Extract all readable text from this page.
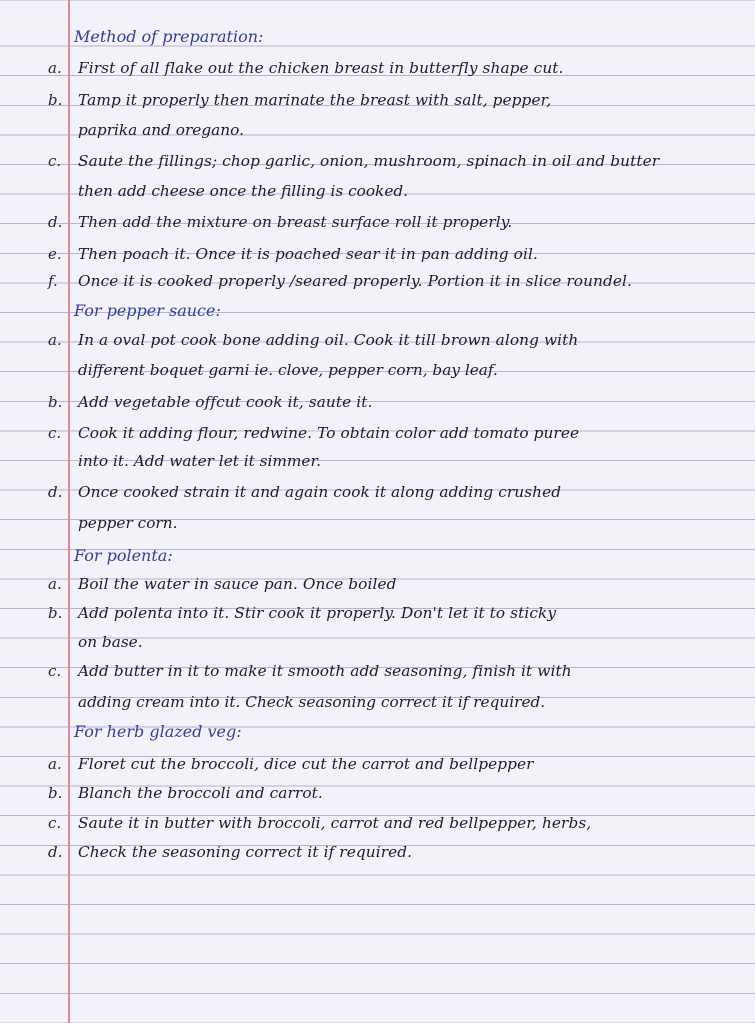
Method of preparation:
a. First of all flake out the chicken breast in butterfly shape cut.
b. Tamp it properly then marinate the breast with salt, pepper,
paprika and oregano.
c. Saute the fillings; chop garlic, onion, mushroom, spinach in oil and butter
then add cheese once the filling is cooked.
d. Then add the mixture on breast surface roll it properly.
e. Then poach it. Once it is poached sear it in pan adding oil.
f. Once it is cooked properly /seared properly. Portion it in slice roundel.
For pepper sauce:
a. In a oval pot cook bone adding oil. Cook it till brown along with
different boquet garni ie. clove, pepper corn, bay leaf.
b. Add vegetable offcut cook it, saute it.
c. Cook it adding flour, redwine. To obtain color add tomato puree
into it. Add water let it simmer.
d. Once cooked strain it and again cook it along adding crushed
pepper corn.
For polenta:
a. Boil the water in sauce pan. Once boiled
b. Add polenta into it. Stir cook it properly. Don't let it to sticky
on base.
c. Add butter in it to make it smooth add seasoning, finish it with
adding cream into it. Check seasoning correct it if required.
For herb glazed veg:
a. Floret cut the broccoli, dice cut the carrot and bellpepper
b. Blanch the broccoli and carrot.
c. Saute it in butter with broccoli, carrot and red bellpepper, herbs,
d. Check the seasoning correct it if required.
